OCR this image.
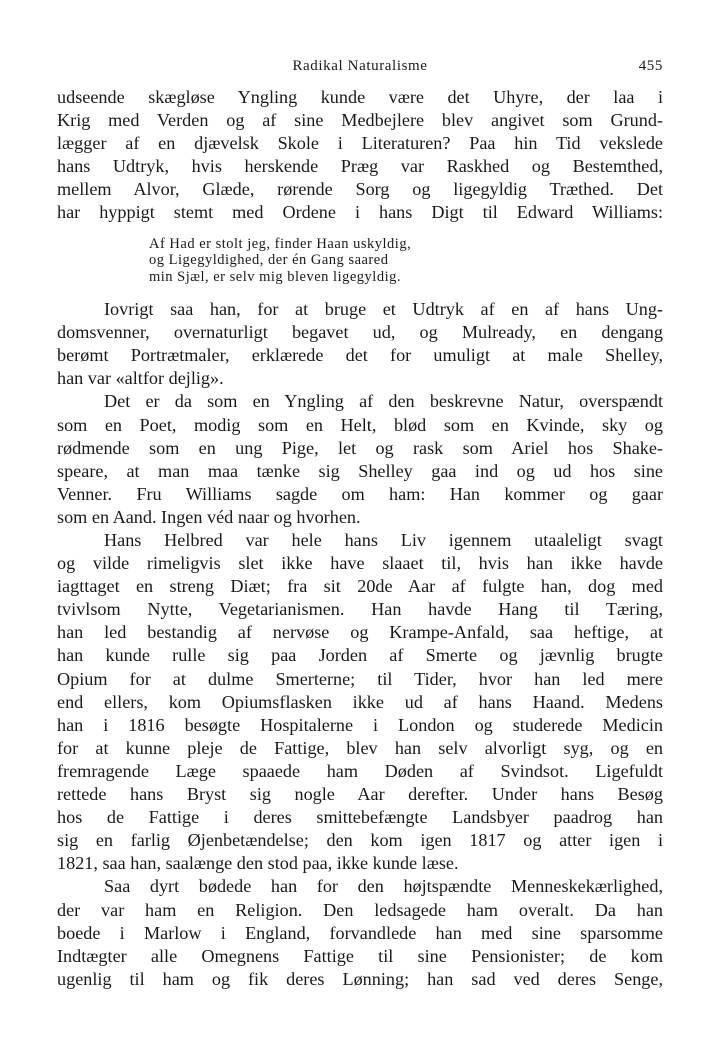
Radikal Naturalisme	455

udseende skægløse Yngling kunde være det Uhyre, der laa i
Krig med Verden og af sine Medbejlere blev angivet som Grund-
lægger af en djævelsk Skole i Literaturen? Paa hin Tid vekslede
hans Udtryk, hvis herskende Præg var Raskhed og Bestemthed,
mellem Alvor, Glæde, rørende Sorg og ligegyldig Træthed. Det
har hyppigt stemt med Ordene i hans Digt til Edward Williams:

Af Had er stolt jeg, finder Haan uskyldig,
og Ligegyldighed, der én Gang saared
min Sjæl, er selv mig bleven ligegyldig.

Iovrigt saa han, for at bruge et Udtryk af en af hans Ung-
domsvenner, overnaturligt begavet ud, og Mulready, en dengang
berømt Portrætmaler, erklærede det for umuligt at male Shelley,
han var «altfor dejlig».

Det er da som en Yngling af den beskrevne Natur, overspændt
som en Poet, modig som en Helt, blød som en Kvinde, sky og
rødmende som en ung Pige, let og rask som Ariel hos Shake-
speare, at man maa tænke sig Shelley gaa ind og ud hos sine
Venner. Fru Williams sagde om ham: Han kommer og gaar
som en Aand. Ingen véd naar og hvorhen.

Hans Helbred var hele hans Liv igennem utaaleligt svagt
og vilde rimeligvis slet ikke have slaaet til, hvis han ikke havde
iagttaget en streng Diæt; fra sit 20de Aar af fulgte han, dog med
tvivlsom Nytte, Vegetarianismen. Han havde Hang til Tæring,
han led bestandig af nervøse og Krampe-Anfald, saa heftige, at
han kunde rulle sig paa Jorden af Smerte og jævnlig brugte
Opium for at dulme Smerterne; til Tider, hvor han led mere
end ellers, kom Opiumsflasken ikke ud af hans Haand. Medens
han i 1816 besøgte Hospitalerne i London og studerede Medicin
for at kunne pleje de Fattige, blev han selv alvorligt syg, og en
fremragende Læge spaaede ham Døden af Svindsot. Ligefuldt
rettede hans Bryst sig nogle Aar derefter. Under hans Besøg
hos de Fattige i deres smittebefængte Landsbyer paadrog han
sig en farlig Øjenbetændelse; den kom igen 1817 og atter igen i
1821, saa han, saalænge den stod paa, ikke kunde læse.

Saa dyrt bødede han for den højtspændte Menneskekærlighed,
der var ham en Religion. Den ledsagede ham overalt. Da han
boede i Marlow i England, forvandlede han med sine sparsomme
Indtægter alle Omegnens Fattige til sine Pensionister; de kom
ugenlig til ham og fik deres Lønning; han sad ved deres Senge,
